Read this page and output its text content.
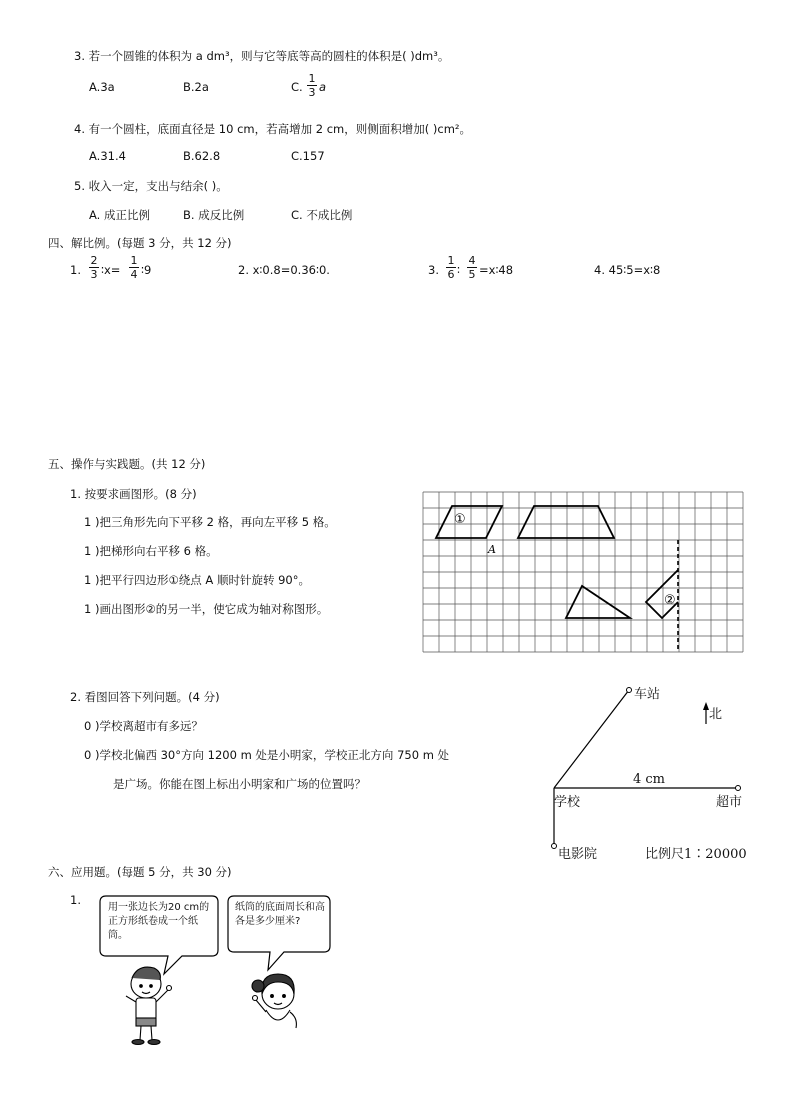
3. 若一个圆锥的体积为 a dm³，则与它等底等高的圆柱的体积是( )dm³。
A.3a	B.2a	C. $\frac{1}{3}$ a
4. 有一个圆柱，底面直径是 10 cm，若高增加 2 cm，则侧面积增加( )cm²。
A.31.4	B.62.8	C.157
5. 收入一定，支出与结余( )。
A. 成正比例	B. 成反比例	C. 不成比例
四、解比例。(每题 3 分，共 12 分)
1. $\frac{2}{3}$ ∶x= $\frac{1}{4}$ ∶9	2. x∶0.8=0.36∶0.	3. $\frac{1}{6}$ ∶ $\frac{4}{5}$ =x∶48	4. 45∶5=x∶8
五、操作与实践题。(共 12 分)
1. 按要求画图形。(8 分)
1 )把三角形先向下平移 2 格，再向左平移 5 格。
1 )把梯形向右平移 6 格。
1 )把平行四边形①绕点 A 顺时针旋转 90°。
1 )画出图形②的另一半，使它成为轴对称图形。
①
②
A
2. 看图回答下列问题。(4 分)
0 )学校离超市有多远？
0 )学校北偏西 30°方向 1200 m 处是小明家，学校正北方向 750 m 处
是广场。你能在图上标出小明家和广场的位置吗？
车站
北
4 cm
学校	超市
电影院	比例尺1∶20000
六、应用题。(每题 5 分，共 30 分)
1.
用一张边长为20 cm的正方形纸卷成一个纸筒。
纸筒的底面周长和高各是多少厘米?
